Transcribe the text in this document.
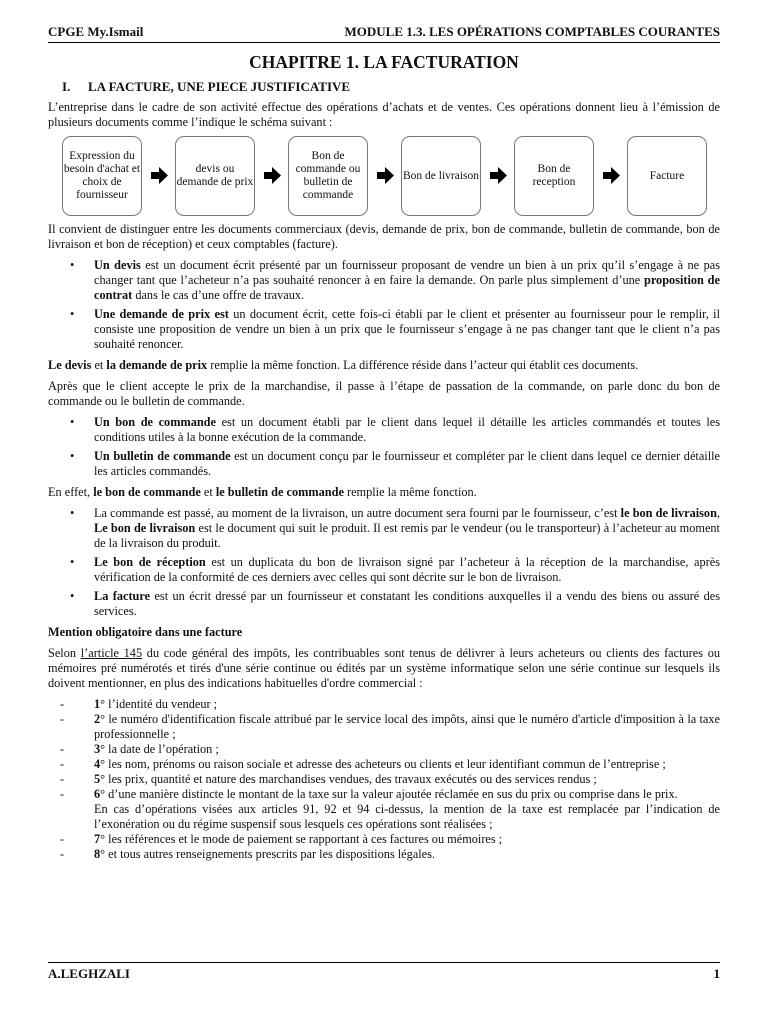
CPGE My.Ismail	MODULE 1.3. LES OPÉRATIONS COMPTABLES COURANTES
CHAPITRE 1. LA FACTURATION
I. LA FACTURE, UNE PIECE JUSTIFICATIVE

L’entreprise dans le cadre de son activité effectue des opérations d’achats et de ventes. Ces opérations donnent lieu à l’émission de plusieurs documents comme l’indique le schéma suivant :

Expression du besoin d'achat et choix de fournisseur
devis ou demande de prix
Bon de commande ou bulletin de commande
Bon de livraison
Bon de reception
Facture

Il convient de distinguer entre les documents commerciaux (devis, demande de prix, bon de commande, bulletin de commande, bon de livraison et bon de réception) et ceux comptables (facture).

• Un devis est un document écrit présenté par un fournisseur proposant de vendre un bien à un prix qu’il s’engage à ne pas changer tant que l’acheteur n’a pas souhaité renoncer à en faire la demande. On parle plus simplement d’une proposition de contrat dans le cas d’une offre de travaux.
• Une demande de prix est un document écrit, cette fois-ci établi par le client et présenter au fournisseur pour le remplir, il consiste une proposition de vendre un bien à un prix que le fournisseur s’engage à ne pas changer tant que le client n’a pas souhaité renoncer.

Le devis et la demande de prix remplie la même fonction. La différence réside dans l’acteur qui établit ces documents.

Après que le client accepte le prix de la marchandise, il passe à l’étape de passation de la commande, on parle donc du bon de commande ou le bulletin de commande.

• Un bon de commande est un document établi par le client dans lequel il détaille les articles commandés et toutes les conditions utiles à la bonne exécution de la commande.
• Un bulletin de commande est un document conçu par le fournisseur et compléter par le client dans lequel ce dernier détaille les articles commandés.

En effet, le bon de commande et le bulletin de commande remplie la même fonction.

• La commande est passé, au moment de la livraison, un autre document sera fourni par le fournisseur, c’est le bon de livraison, Le bon de livraison est le document qui suit le produit. Il est remis par le vendeur (ou le transporteur) à l’acheteur au moment de la livraison du produit.
• Le bon de réception est un duplicata du bon de livraison signé par l’acheteur à la réception de la marchandise, après vérification de la conformité de ces derniers avec celles qui sont décrite sur le bon de livraison.
• La facture est un écrit dressé par un fournisseur et constatant les conditions auxquelles il a vendu des biens ou assuré des services.

Mention obligatoire dans une facture

Selon l’article 145 du code général des impôts, les contribuables sont tenus de délivrer à leurs acheteurs ou clients des factures ou mémoires pré numérotés et tirés d'une série continue ou édités par un système informatique selon une série continue sur lesquels ils doivent mentionner, en plus des indications habituelles d'ordre commercial :

- 1° l’identité du vendeur ;
- 2° le numéro d'identification fiscale attribué par le service local des impôts, ainsi que le numéro d'article d'imposition à la taxe professionnelle ;
- 3° la date de l’opération ;
- 4° les nom, prénoms ou raison sociale et adresse des acheteurs ou clients et leur identifiant commun de l’entreprise ;
- 5° les prix, quantité et nature des marchandises vendues, des travaux exécutés ou des services rendus ;
- 6° d’une manière distincte le montant de la taxe sur la valeur ajoutée réclamée en sus du prix ou comprise dans le prix.
En cas d’opérations visées aux articles 91, 92 et 94 ci-dessus, la mention de la taxe est remplacée par l’indication de l’exonération ou du régime suspensif sous lesquels ces opérations sont réalisées ;
- 7° les références et le mode de paiement se rapportant à ces factures ou mémoires ;
- 8° et tous autres renseignements prescrits par les dispositions légales.
A.LEGHZALI	1
